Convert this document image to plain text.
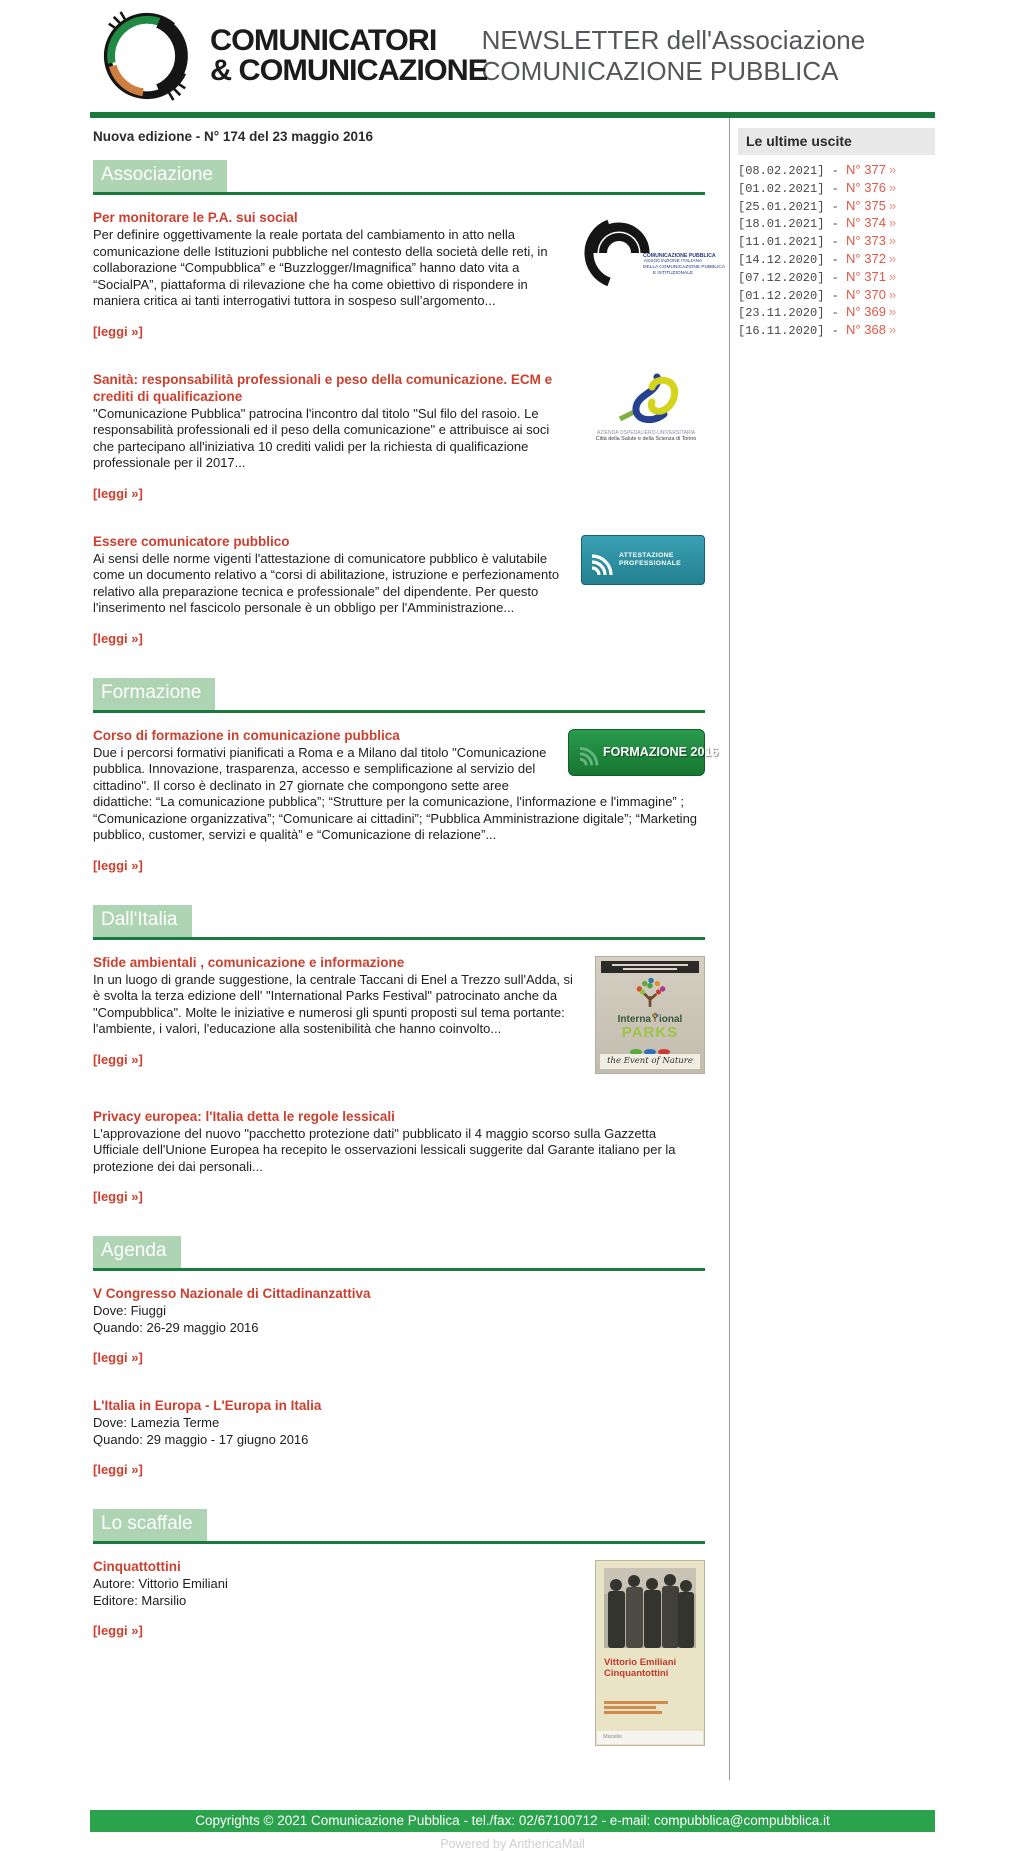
COMUNICATORI
& COMUNICAZIONE
NEWSLETTER dell'Associazione
COMUNICAZIONE PUBBLICA
Nuova edizione - N° 174 del 23 maggio 2016
Associazione
COMUNICAZIONE PUBBLICA
ASSOCIAZIONE ITALIANA
DELLA COMUNICAZIONE PUBBLICA
E ISTITUZIONALE
Per monitorare le P.A. sui social

Per definire oggettivamente la reale portata del cambiamento in atto nella comunicazione delle Istituzioni pubbliche nel contesto della società delle reti, in collaborazione “Compubblica” e “Buzzlogger/Imagnifica” hanno dato vita a “SocialPA”, piattaforma di rilevazione che ha come obiettivo di rispondere in maniera critica ai tanti interrogativi tuttora in sospeso sull’argomento...

[leggi »]
AZIENDA OSPEDALIERO-UNIVERSITARIA
Città della Salute e della Scienza di Torino
Sanità: responsabilità professionali e peso della comunicazione. ECM e crediti di qualificazione

"Comunicazione Pubblica" patrocina l'incontro dal titolo "Sul filo del rasoio. Le responsabilità professionali ed il peso della comunicazione" e attribuisce ai soci che partecipano all'iniziativa 10 crediti validi per la richiesta di qualificazione professionale per il 2017...

[leggi »]
ATTESTAZIONE PROFESSIONALE
Essere comunicatore pubblico

Ai sensi delle norme vigenti l'attestazione di comunicatore pubblico è valutabile come un documento relativo a “corsi di abilitazione, istruzione e perfezionamento relativo alla preparazione tecnica e professionale” del dipendente. Per questo l'inserimento nel fascicolo personale è un obbligo per l'Amministrazione...

[leggi »]
Formazione
FORMAZIONE 2016
Corso di formazione in comunicazione pubblica

Due i percorsi formativi pianificati a Roma e a Milano dal titolo "Comunicazione pubblica. Innovazione, trasparenza, accesso e semplificazione al servizio del cittadino". Il corso è declinato in 27 giornate che compongono sette aree didattiche: “La comunicazione pubblica”; “Strutture per la comunicazione, l'informazione e l'immagine” ; “Comunicazione organizzativa”; “Comunicare ai cittadini”; “Pubblica Amministrazione digitale”; “Marketing pubblico, customer, servizi e qualità” e “Comunicazione di relazione”...

[leggi »]
Dall'Italia
Interna ional
PARKS
the Event of Nature
Sfide ambientali , comunicazione e informazione

In un luogo di grande suggestione, la centrale Taccani di Enel a Trezzo sull'Adda, si è svolta la terza edizione dell' "International Parks Festival" patrocinato anche da "Compubblica". Molte le iniziative e numerosi gli spunti proposti sul tema portante: l'ambiente, i valori, l'educazione alla sostenibilità che hanno coinvolto...

[leggi »]
Privacy europea: l'Italia detta le regole lessicali

L'approvazione del nuovo "pacchetto protezione dati" pubblicato il 4 maggio scorso sulla Gazzetta Ufficiale dell'Unione Europea ha recepito le osservazioni lessicali suggerite dal Garante italiano per la protezione dei dai personali...

[leggi »]
Agenda
V Congresso Nazionale di Cittadinanzattiva

Dove: Fiuggi

Quando: 26-29 maggio 2016

[leggi »]
L'Italia in Europa - L'Europa in Italia

Dove: Lamezia Terme

Quando: 29 maggio - 17 giugno 2016

[leggi »]
Lo scaffale
Vittorio Emiliani
Cinquantottini
Marsilio
Cinquattottini

Autore: Vittorio Emiliani

Editore: Marsilio

[leggi »]
Le ultime uscite
[08.02.2021] - N° 377 »
[01.02.2021] - N° 376 »
[25.01.2021] - N° 375 »
[18.01.2021] - N° 374 »
[11.01.2021] - N° 373 »
[14.12.2020] - N° 372 »
[07.12.2020] - N° 371 »
[01.12.2020] - N° 370 »
[23.11.2020] - N° 369 »
[16.11.2020] - N° 368 »
Copyrights © 2021 Comunicazione Pubblica - tel./fax: 02/67100712 - e-mail: compubblica@compubblica.it
Powered by AnthericaMail
